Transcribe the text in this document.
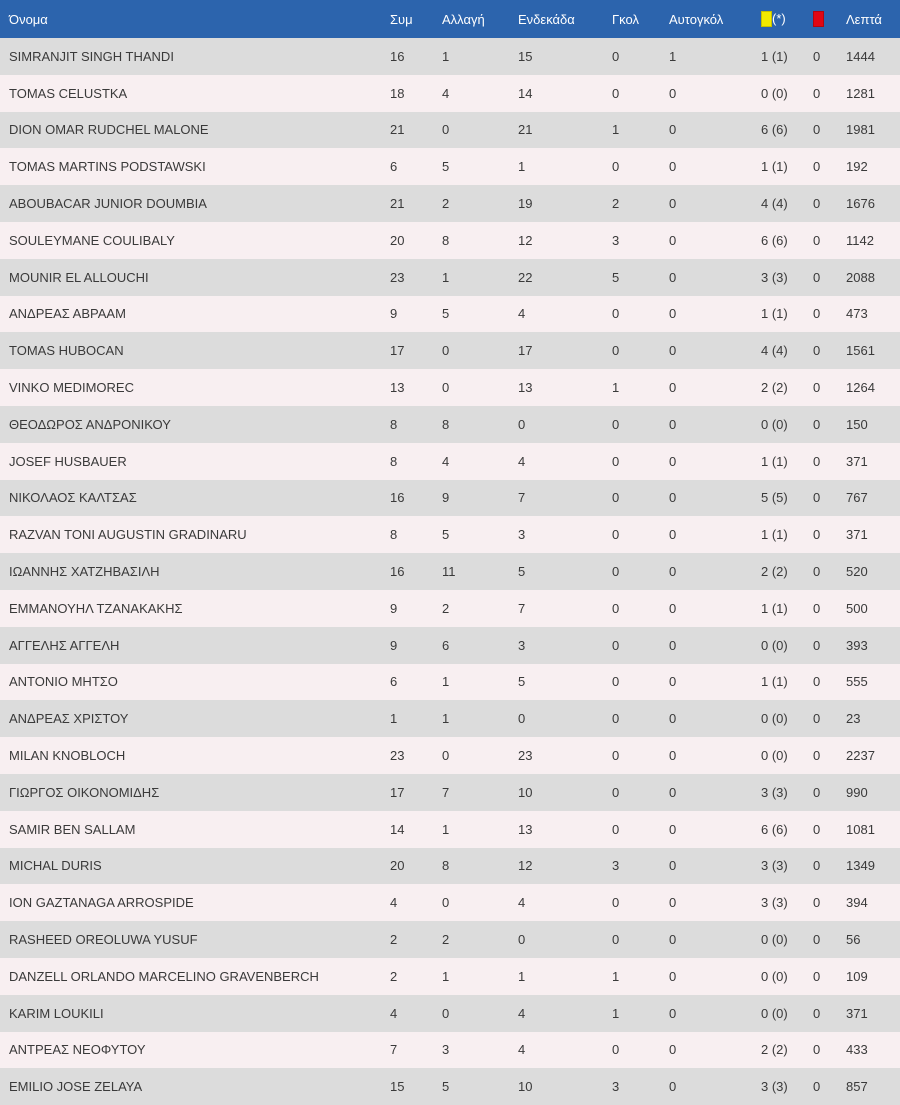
Όνομα	Συμ	Αλλαγή	Ενδεκάδα	Γκολ	Αυτογκόλ	(*)		Λεπτά
SIMRANJIT SINGH THANDI	16	1	15	0	1	1 (1)	0	1444
TOMAS CELUSTKA	18	4	14	0	0	0 (0)	0	1281
DION OMAR RUDCHEL MALONE	21	0	21	1	0	6 (6)	0	1981
TOMAS MARTINS PODSTAWSKI	6	5	1	0	0	1 (1)	0	192
ABOUBACAR JUNIOR DOUMBIA	21	2	19	2	0	4 (4)	0	1676
SOULEYMANE COULIBALY	20	8	12	3	0	6 (6)	0	1142
MOUNIR EL ALLOUCHI	23	1	22	5	0	3 (3)	0	2088
ΑΝΔΡΕΑΣ ΑΒΡΑΑΜ	9	5	4	0	0	1 (1)	0	473
TOMAS HUBOCAN	17	0	17	0	0	4 (4)	0	1561
VINKO MEDIMOREC	13	0	13	1	0	2 (2)	0	1264
ΘΕΟΔΩΡΟΣ ΑΝΔΡΟΝΙΚΟΥ	8	8	0	0	0	0 (0)	0	150
JOSEF HUSBAUER	8	4	4	0	0	1 (1)	0	371
ΝΙΚΟΛΑΟΣ ΚΑΛΤΣΑΣ	16	9	7	0	0	5 (5)	0	767
RAZVAN TONI AUGUSTIN GRADINARU	8	5	3	0	0	1 (1)	0	371
ΙΩΑΝΝΗΣ ΧΑΤΖΗΒΑΣΙΛΗ	16	11	5	0	0	2 (2)	0	520
ΕΜΜΑΝΟΥΗΛ ΤΖΑΝΑΚΑΚΗΣ	9	2	7	0	0	1 (1)	0	500
ΑΓΓΕΛΗΣ ΑΓΓΕΛΗ	9	6	3	0	0	0 (0)	0	393
ΑΝΤΟΝΙΟ ΜΗΤΣΟ	6	1	5	0	0	1 (1)	0	555
ΑΝΔΡΕΑΣ ΧΡΙΣΤΟΥ	1	1	0	0	0	0 (0)	0	23
MILAN KNOBLOCH	23	0	23	0	0	0 (0)	0	2237
ΓΙΩΡΓΟΣ ΟΙΚΟΝΟΜΙΔΗΣ	17	7	10	0	0	3 (3)	0	990
SAMIR BEN SALLAM	14	1	13	0	0	6 (6)	0	1081
MICHAL DURIS	20	8	12	3	0	3 (3)	0	1349
ION GAZTANAGA ARROSPIDE	4	0	4	0	0	3 (3)	0	394
RASHEED OREOLUWA YUSUF	2	2	0	0	0	0 (0)	0	56
DANZELL ORLANDO MARCELINO GRAVENBERCH	2	1	1	1	0	0 (0)	0	109
KARIM LOUKILI	4	0	4	1	0	0 (0)	0	371
ΑΝΤΡΕΑΣ ΝΕΟΦΥΤΟΥ	7	3	4	0	0	2 (2)	0	433
EMILIO JOSE ZELAYA	15	5	10	3	0	3 (3)	0	857
